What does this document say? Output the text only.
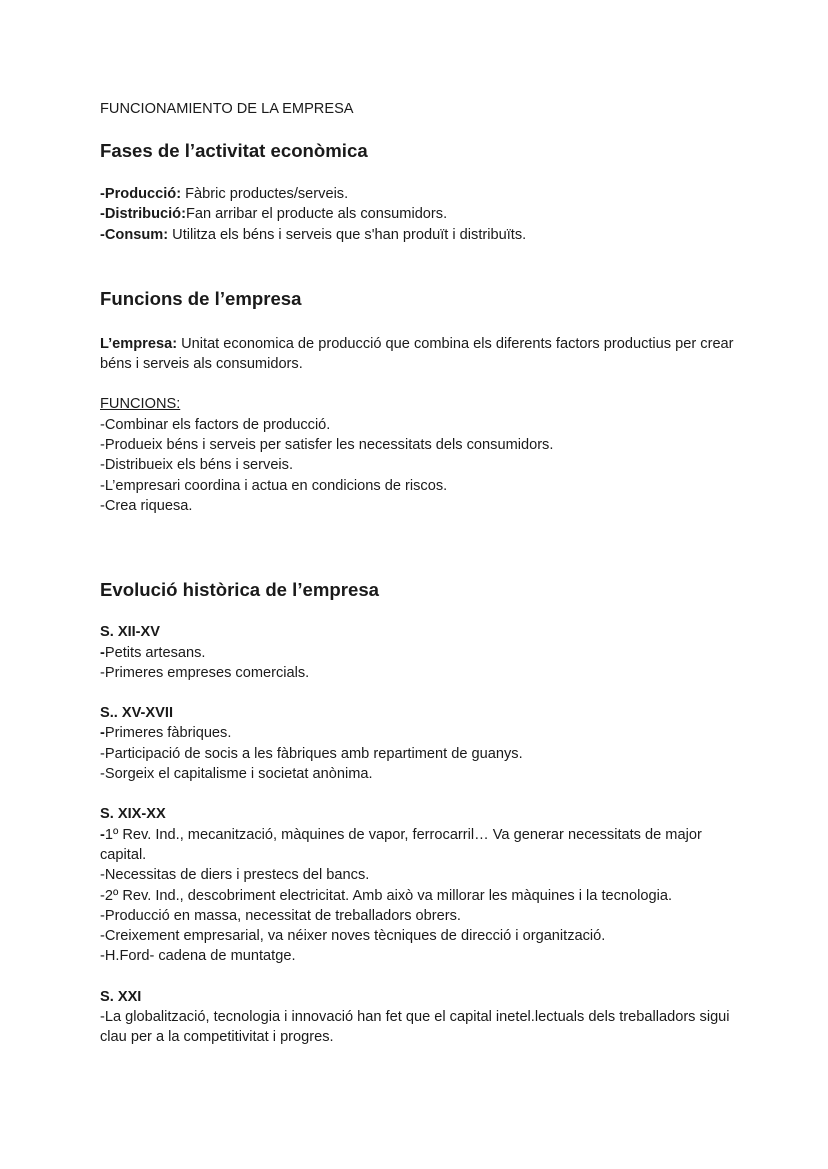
FUNCIONAMIENTO DE LA EMPRESA
Fases de l’activitat econòmica
-Producció: Fàbric productes/serveis.
-Distribució:Fan arribar el producte als consumidors.
-Consum: Utilitza els béns i serveis que s'han produït i distribuïts.
Funcions de l’empresa
L’empresa: Unitat economica de producció que combina els diferents factors productius per crear béns i serveis als consumidors.
FUNCIONS:
-Combinar els factors de producció.
-Produeix béns i serveis per satisfer les necessitats dels consumidors.
-Distribueix els béns i serveis.
-L’empresari coordina i actua en condicions de riscos.
-Crea riquesa.
Evolució històrica de l’empresa
S. XII-XV
-Petits artesans.
-Primeres empreses comercials.
S.. XV-XVII
-Primeres fàbriques.
-Participació de socis a les fàbriques amb repartiment de guanys.
-Sorgeix el capitalisme i societat anònima.
S. XIX-XX
-1º Rev. Ind., mecanització, màquines de vapor, ferrocarril… Va generar necessitats de major capital.
-Necessitas de diers i prestecs del bancs.
-2º Rev. Ind., descobriment electricitat. Amb això va millorar les màquines i la tecnologia.
-Producció en massa, necessitat de treballadors obrers.
-Creixement empresarial, va néixer noves tècniques de direcció i organització.
-H.Ford- cadena de muntatge.
S. XXI
-La globalització, tecnologia i innovació han fet que el capital inetel.lectuals dels treballadors sigui clau per a la competitivitat i progres.
